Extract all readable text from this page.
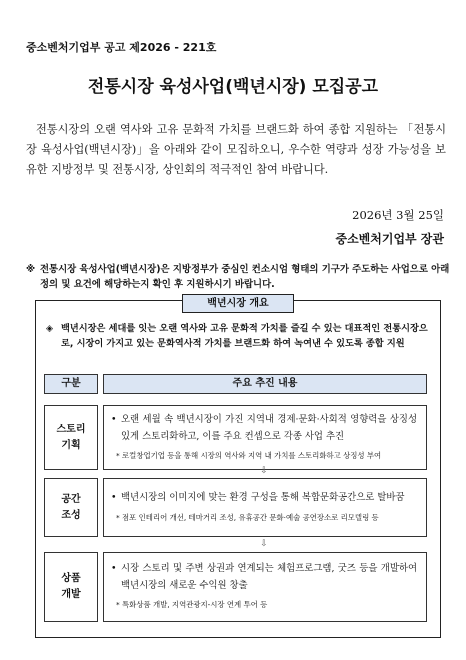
중소벤처기업부 공고 제2026 - 221호
전통시장 육성사업(백년시장) 모집공고

전통시장의 오랜 역사와 고유 문화적 가치를 브랜드화 하여 종합 지원하는 「전통시장 육성사업(백년시장)」을 아래와 같이 모집하오니, 우수한 역량과 성장 가능성을 보유한 지방정부 및 전통시장, 상인회의 적극적인 참여 바랍니다.

2026년 3월 25일
중소벤처기업부 장관
※ 전통시장 육성사업(백년시장)은 지방정부가 중심인 컨소시엄 형태의 기구가 주도하는 사업으로 아래 정의 및 요건에 해당하는지 확인 후 지원하시기 바랍니다.
백년시장 개요
◈ 백년시장은 세대를 잇는 오랜 역사와 고유 문화적 가치를 즐길 수 있는 대표적인 전통시장으로, 시장이 가지고 있는 문화역사적 가치를 브랜드화 하여 녹여낸 수 있도록 종합 지원
구분	주요 추진 내용
스토리
기획
• 오랜 세월 속 백년시장이 가진 지역내 경제·문화·사회적 영향력을 상징성 있게 스토리화하고, 이를 주요 컨셉으로 각종 사업 추진
* 로컬창업기업 등을 통해 시장의 역사와 지역 내 가치를 스토리화하고 상징성 부여
⇩
공간
조성
• 백년시장의 이미지에 맞는 환경 구성을 통해 복합문화공간으로 탈바꿈
* 점포 인테리어 개선, 테마거리 조성, 유휴공간 문화·예술 공연장소로 리모델링 등
⇩
상품
개발
• 시장 스토리 및 주변 상권과 연계되는 체험프로그램, 굿즈 등을 개발하여 백년시장의 새로운 수익원 창출
* 특화상품 개발, 지역관광지-시장 연계 투어 등
